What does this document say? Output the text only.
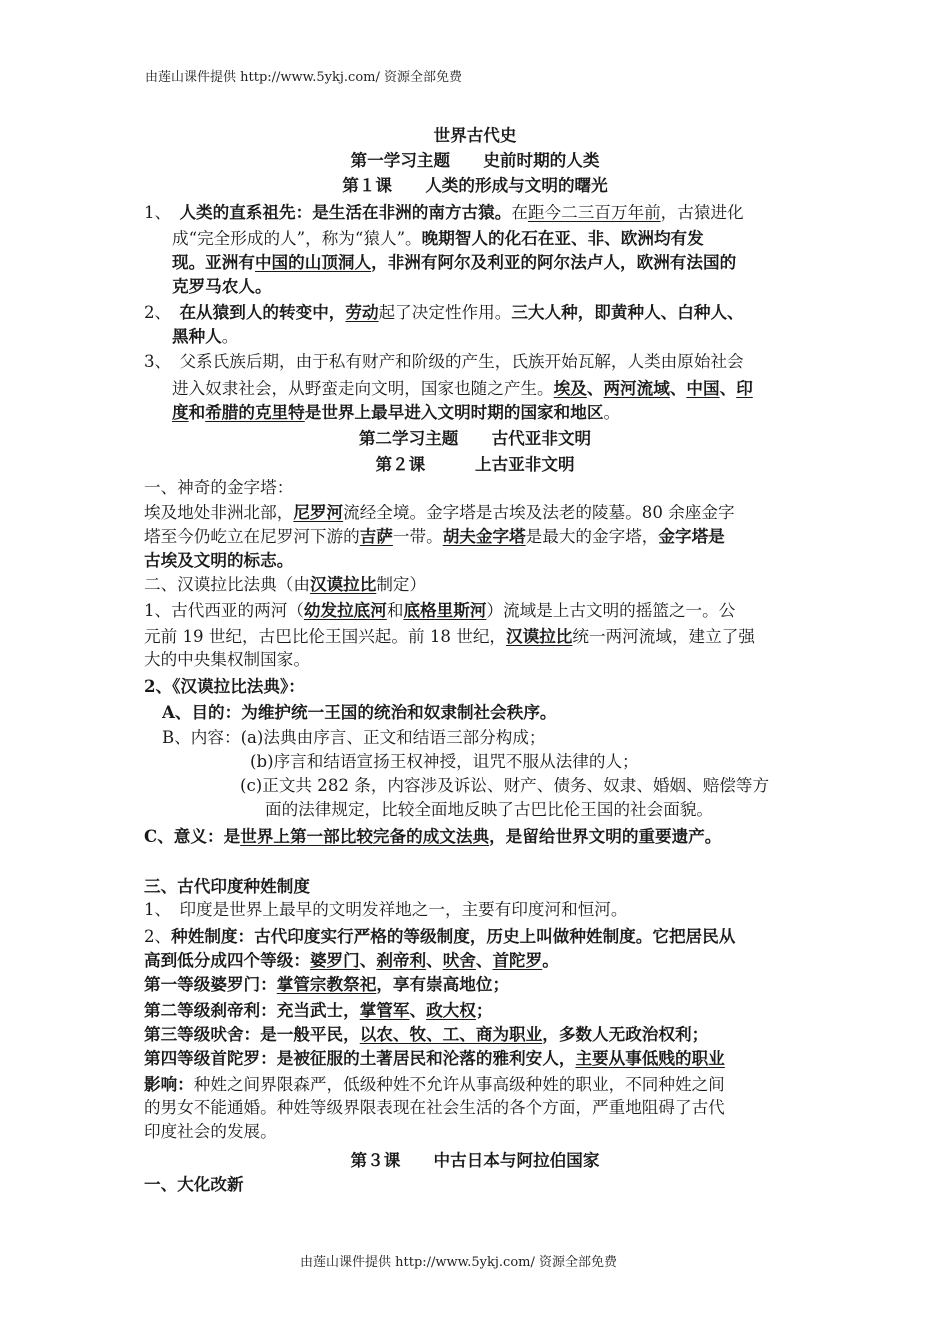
由莲山课件提供 http://www.5ykj.com/ 资源全部免费
世界古代史
第一学习主题　　史前时期的人类
第１课　　人类的形成与文明的曙光
1、　人类的直系祖先：是生活在非洲的南方古猿。在距今二三百万年前，古猿进化
成“完全形成的人”，称为“猿人”。晚期智人的化石在亚、非、欧洲均有发
现。亚洲有中国的山顶洞人，非洲有阿尔及利亚的阿尔法卢人，欧洲有法国的
克罗马农人。
2、　在从猿到人的转变中，劳动起了决定性作用。三大人种，即黄种人、白种人、
黑种人。
3、　父系氏族后期，由于私有财产和阶级的产生，氏族开始瓦解，人类由原始社会
进入奴隶社会，从野蛮走向文明，国家也随之产生。埃及、两河流域、中国、印
度和希腊的克里特是世界上最早进入文明时期的国家和地区。
第二学习主题　　古代亚非文明
第２课　　　上古亚非文明
一、神奇的金字塔：
埃及地处非洲北部，尼罗河流经全境。金字塔是古埃及法老的陵墓。80 余座金字
塔至今仍屹立在尼罗河下游的吉萨一带。胡夫金字塔是最大的金字塔，金字塔是
古埃及文明的标志。
二、汉谟拉比法典（由汉谟拉比制定）
1、古代西亚的两河（幼发拉底河和底格里斯河）流域是上古文明的摇篮之一。公
元前 19 世纪，古巴比伦王国兴起。前 18 世纪，汉谟拉比统一两河流域，建立了强
大的中央集权制国家。
2、《汉谟拉比法典》：
A、目的：为维护统一王国的统治和奴隶制社会秩序。
B、内容：(a)法典由序言、正文和结语三部分构成；
(b)序言和结语宣扬王权神授，诅咒不服从法律的人；
(c)正文共 282 条，内容涉及诉讼、财产、债务、奴隶、婚姻、赔偿等方
面的法律规定，比较全面地反映了古巴比伦王国的社会面貌。
C、意义：是世界上第一部比较完备的成文法典，是留给世界文明的重要遗产。
三、古代印度种姓制度
1、　印度是世界上最早的文明发祥地之一，主要有印度河和恒河。
2、种姓制度：古代印度实行严格的等级制度，历史上叫做种姓制度。它把居民从
高到低分成四个等级：婆罗门、刹帝利、吠舍、首陀罗。
第一等级婆罗门：掌管宗教祭祀，享有崇高地位；
第二等级刹帝利：充当武士，掌管军、政大权；
第三等级吠舍：是一般平民，以农、牧、工、商为职业，多数人无政治权利；
第四等级首陀罗：是被征服的土著居民和沦落的雅利安人，主要从事低贱的职业
影响：种姓之间界限森严，低级种姓不允许从事高级种姓的职业，不同种姓之间
的男女不能通婚。种姓等级界限表现在社会生活的各个方面，严重地阻碍了古代
印度社会的发展。
第３课　　中古日本与阿拉伯国家
一、大化改新
由莲山课件提供 http://www.5ykj.com/ 资源全部免费
